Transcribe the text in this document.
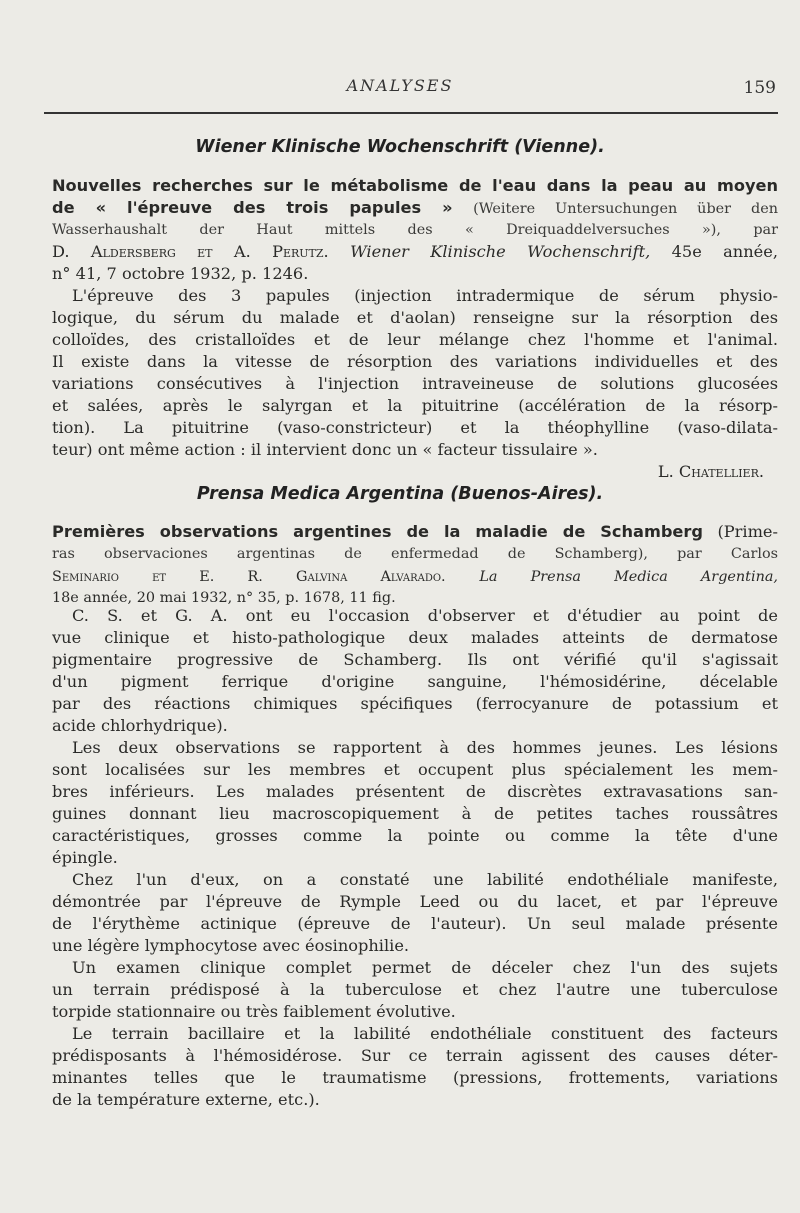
ANALYSES	159
Wiener Klinische Wochenschrift (Vienne).
Nouvelles recherches sur le métabolisme de l'eau dans la peau au moyen
de « l'épreuve des trois papules » (Weitere Untersuchungen über den
Wasserhaushalt der Haut mittels des « Dreiquaddelversuches »), par
D. Aldersberg et A. Perutz. Wiener Klinische Wochenschrift, 45e année,
n° 41, 7 octobre 1932, p. 1246.
L'épreuve des 3 papules (injection intradermique de sérum physio-
logique, du sérum du malade et d'aolan) renseigne sur la résorption des
colloïdes, des cristalloïdes et de leur mélange chez l'homme et l'animal.
Il existe dans la vitesse de résorption des variations individuelles et des
variations consécutives à l'injection intraveineuse de solutions glucosées
et salées, après le salyrgan et la pituitrine (accélération de la résorp-
tion). La pituitrine (vaso-constricteur) et la théophylline (vaso-dilata-
teur) ont même action : il intervient donc un « facteur tissulaire ».
L. Chatellier.
Prensa Medica Argentina (Buenos-Aires).
Premières observations argentines de la maladie de Schamberg (Prime-
ras observaciones argentinas de enfermedad de Schamberg), par Carlos
Seminario et E. R. Galvina Alvarado. La Prensa Medica Argentina,
18e année, 20 mai 1932, n° 35, p. 1678, 11 fig.
C. S. et G. A. ont eu l'occasion d'observer et d'étudier au point de
vue clinique et histo-pathologique deux malades atteints de dermatose
pigmentaire progressive de Schamberg. Ils ont vérifié qu'il s'agissait
d'un pigment ferrique d'origine sanguine, l'hémosidérine, décelable
par des réactions chimiques spécifiques (ferrocyanure de potassium et
acide chlorhydrique).
Les deux observations se rapportent à des hommes jeunes. Les lésions
sont localisées sur les membres et occupent plus spécialement les mem-
bres inférieurs. Les malades présentent de discrètes extravasations san-
guines donnant lieu macroscopiquement à de petites taches roussâtres
caractéristiques, grosses comme la pointe ou comme la tête d'une
épingle.
Chez l'un d'eux, on a constaté une labilité endothéliale manifeste,
démontrée par l'épreuve de Rymple Leed ou du lacet, et par l'épreuve
de l'érythème actinique (épreuve de l'auteur). Un seul malade présente
une légère lymphocytose avec éosinophilie.
Un examen clinique complet permet de déceler chez l'un des sujets
un terrain prédisposé à la tuberculose et chez l'autre une tuberculose
torpide stationnaire ou très faiblement évolutive.
Le terrain bacillaire et la labilité endothéliale constituent des facteurs
prédisposants à l'hémosidérose. Sur ce terrain agissent des causes déter-
minantes telles que le traumatisme (pressions, frottements, variations
de la température externe, etc.).
